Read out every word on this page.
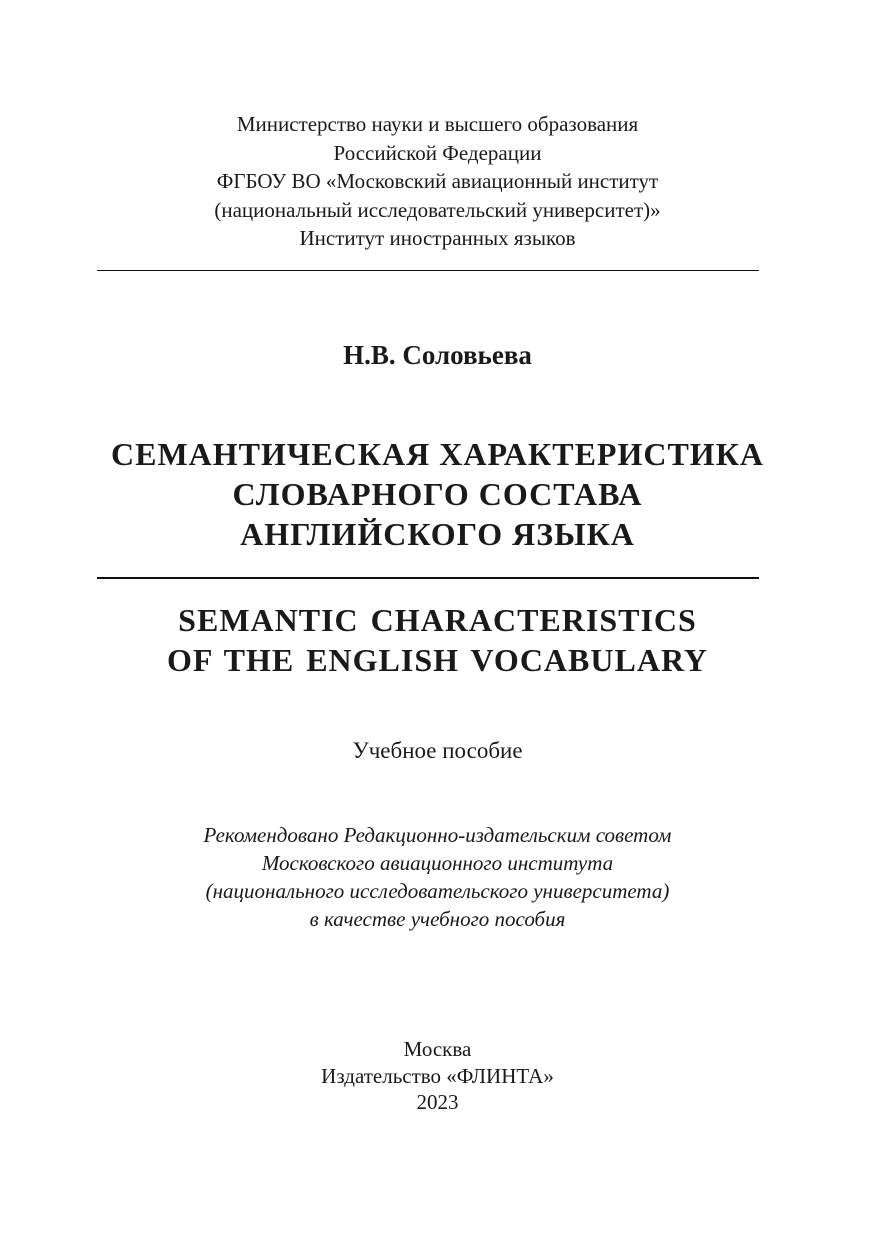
Министерство науки и высшего образования
Российской Федерации
ФГБОУ ВО «Московский авиационный институт
(национальный исследовательский университет)»
Институт иностранных языков
Н.В. Соловьева
СЕМАНТИЧЕСКАЯ ХАРАКТЕРИСТИКА
СЛОВАРНОГО СОСТАВА
АНГЛИЙСКОГО ЯЗЫКА
SEMANTIC CHARACTERISTICS
OF THE ENGLISH VOCABULARY
Учебное пособие
Рекомендовано Редакционно-издательским советом
Московского авиационного института
(национального исследовательского университета)
в качестве учебного пособия
Москва
Издательство «ФЛИНТА»
2023
